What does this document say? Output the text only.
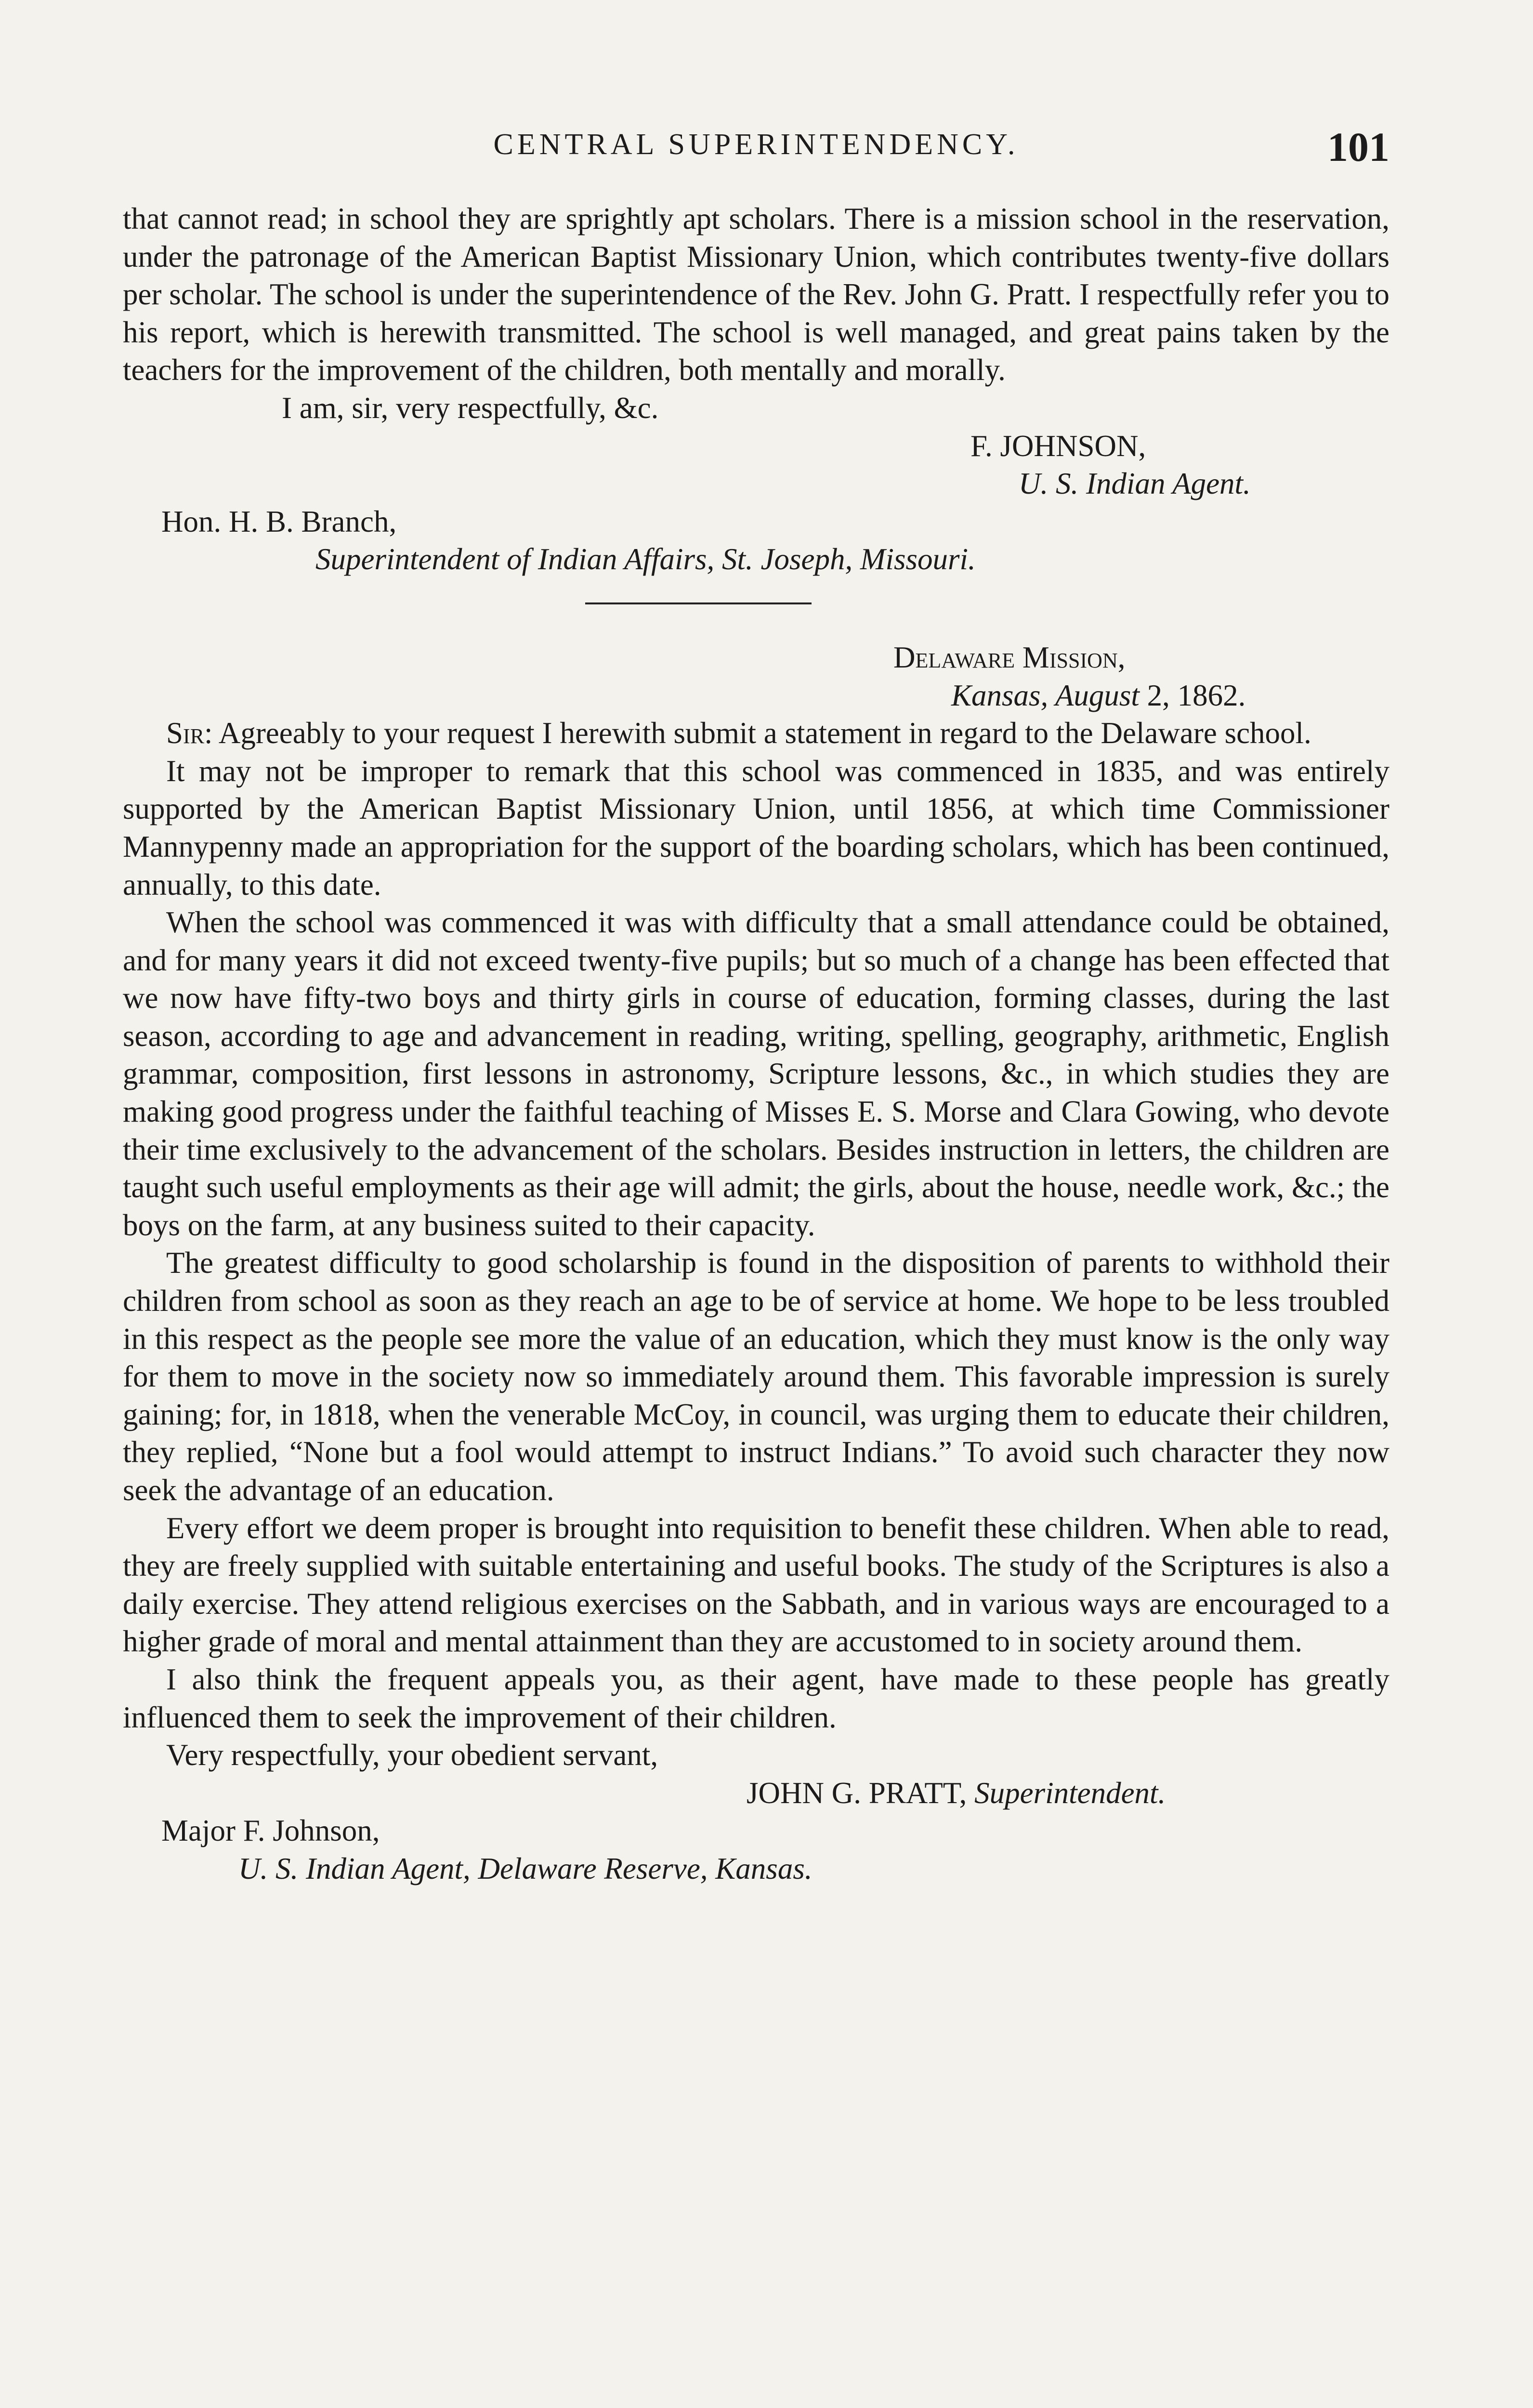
CENTRAL SUPERINTENDENCY.	101

that cannot read; in school they are sprightly apt scholars. There is a mission school in the reservation, under the patronage of the American Baptist Missionary Union, which contributes twenty-five dollars per scholar. The school is under the superintendence of the Rev. John G. Pratt. I respectfully refer you to his report, which is herewith transmitted. The school is well managed, and great pains taken by the teachers for the improvement of the children, both mentally and morally.

I am, sir, very respectfully, &c.

F. JOHNSON,

U. S. Indian Agent.

Hon. H. B. Branch,

Superintendent of Indian Affairs, St. Joseph, Missouri.

Delaware Mission,

Kansas, August 2, 1862.

Sir: Agreeably to your request I herewith submit a statement in regard to the Delaware school.

It may not be improper to remark that this school was commenced in 1835, and was entirely supported by the American Baptist Missionary Union, until 1856, at which time Commissioner Mannypenny made an appropriation for the support of the boarding scholars, which has been continued, annually, to this date.

When the school was commenced it was with difficulty that a small attendance could be obtained, and for many years it did not exceed twenty-five pupils; but so much of a change has been effected that we now have fifty-two boys and thirty girls in course of education, forming classes, during the last season, according to age and advancement in reading, writing, spelling, geography, arithmetic, English grammar, composition, first lessons in astronomy, Scripture lessons, &c., in which studies they are making good progress under the faithful teaching of Misses E. S. Morse and Clara Gowing, who devote their time exclusively to the advancement of the scholars. Besides instruction in letters, the children are taught such useful employments as their age will admit; the girls, about the house, needle work, &c.; the boys on the farm, at any business suited to their capacity.

The greatest difficulty to good scholarship is found in the disposition of parents to withhold their children from school as soon as they reach an age to be of service at home. We hope to be less troubled in this respect as the people see more the value of an education, which they must know is the only way for them to move in the society now so immediately around them. This favorable impression is surely gaining; for, in 1818, when the venerable McCoy, in council, was urging them to educate their children, they replied, “None but a fool would attempt to instruct Indians.” To avoid such character they now seek the advantage of an education.

Every effort we deem proper is brought into requisition to benefit these children. When able to read, they are freely supplied with suitable entertaining and useful books. The study of the Scriptures is also a daily exercise. They attend religious exercises on the Sabbath, and in various ways are encouraged to a higher grade of moral and mental attainment than they are accustomed to in society around them.

I also think the frequent appeals you, as their agent, have made to these people has greatly influenced them to seek the improvement of their children.

Very respectfully, your obedient servant,

JOHN G. PRATT, Superintendent.

Major F. Johnson,

U. S. Indian Agent, Delaware Reserve, Kansas.
